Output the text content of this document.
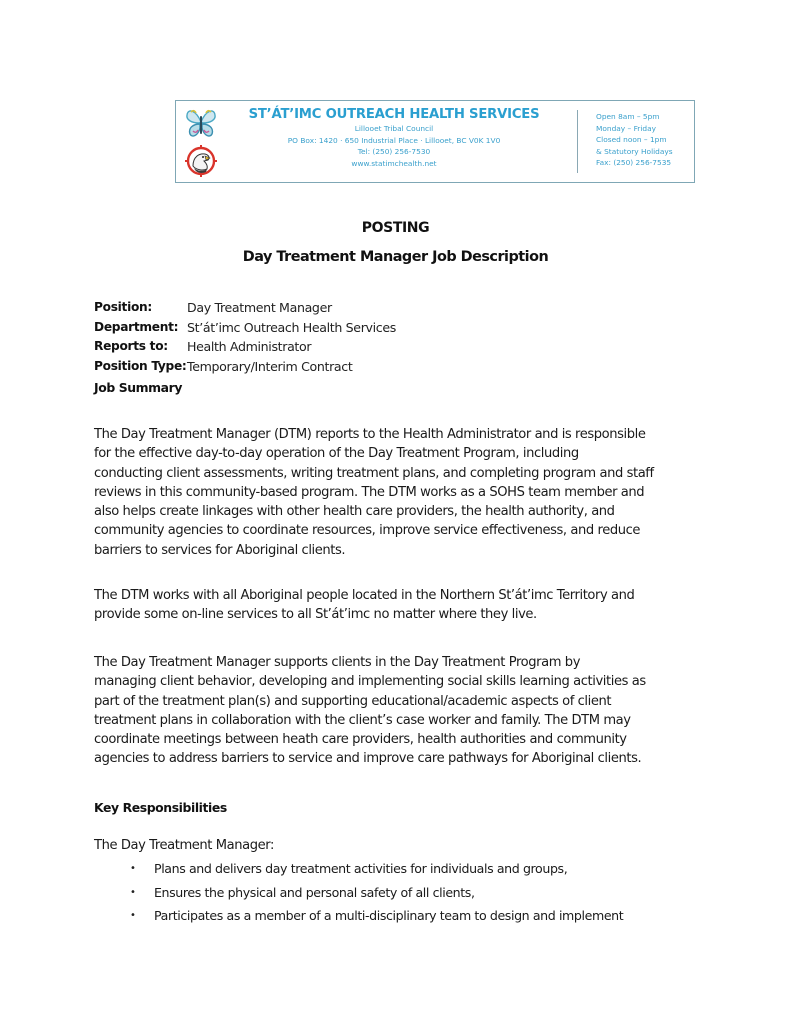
ST’ÁT’IMC OUTREACH HEALTH SERVICES
Lillooet Tribal Council
PO Box: 1420 · 650 Industrial Place · Lillooet, BC V0K 1V0
Tel: (250) 256-7530
www.statimchealth.net
Open 8am – 5pm
Monday – Friday
Closed noon – 1pm
& Statutory Holidays
Fax: (250) 256-7535
POSTING
Day Treatment Manager Job Description
Position:	Day Treatment Manager
Department: St’át’imc Outreach Health Services
Reports to: Health Administrator
Position Type: Temporary/Interim Contract
Job Summary
The Day Treatment Manager (DTM) reports to the Health Administrator and is responsible
for the effective day-to-day operation of the Day Treatment Program, including
conducting client assessments, writing treatment plans, and completing program and staff
reviews in this community-based program. The DTM works as a SOHS team member and
also helps create linkages with other health care providers, the health authority, and
community agencies to coordinate resources, improve service effectiveness, and reduce
barriers to services for Aboriginal clients.
The DTM works with all Aboriginal people located in the Northern St’át’imc Territory and
provide some on-line services to all St’át’imc no matter where they live.
The Day Treatment Manager supports clients in the Day Treatment Program by
managing client behavior, developing and implementing social skills learning activities as
part of the treatment plan(s) and supporting educational/academic aspects of client
treatment plans in collaboration with the client’s case worker and family. The DTM may
coordinate meetings between heath care providers, health authorities and community
agencies to address barriers to service and improve care pathways for Aboriginal clients.
Key Responsibilities
The Day Treatment Manager:
• Plans and delivers day treatment activities for individuals and groups,
• Ensures the physical and personal safety of all clients,
• Participates as a member of a multi-disciplinary team to design and implement
